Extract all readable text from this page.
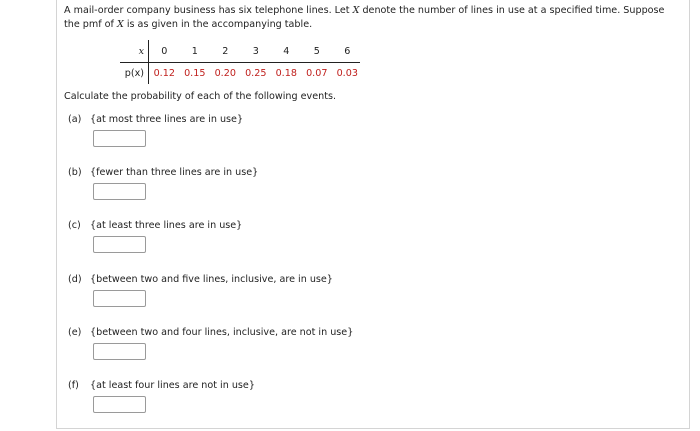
A mail-order company business has six telephone lines. Let X denote the number of lines in use at a specified time. Suppose the pmf of X is as given in the accompanying table.
x	0	1	2	3	4	5	6
p(x) 0.12 0.15 0.20 0.25 0.18 0.07 0.03
Calculate the probability of each of the following events.
(a) {at most three lines are in use}
(b) {fewer than three lines are in use}
(c) {at least three lines are in use}
(d) {between two and five lines, inclusive, are in use}
(e) {between two and four lines, inclusive, are not in use}
(f) {at least four lines are not in use}
